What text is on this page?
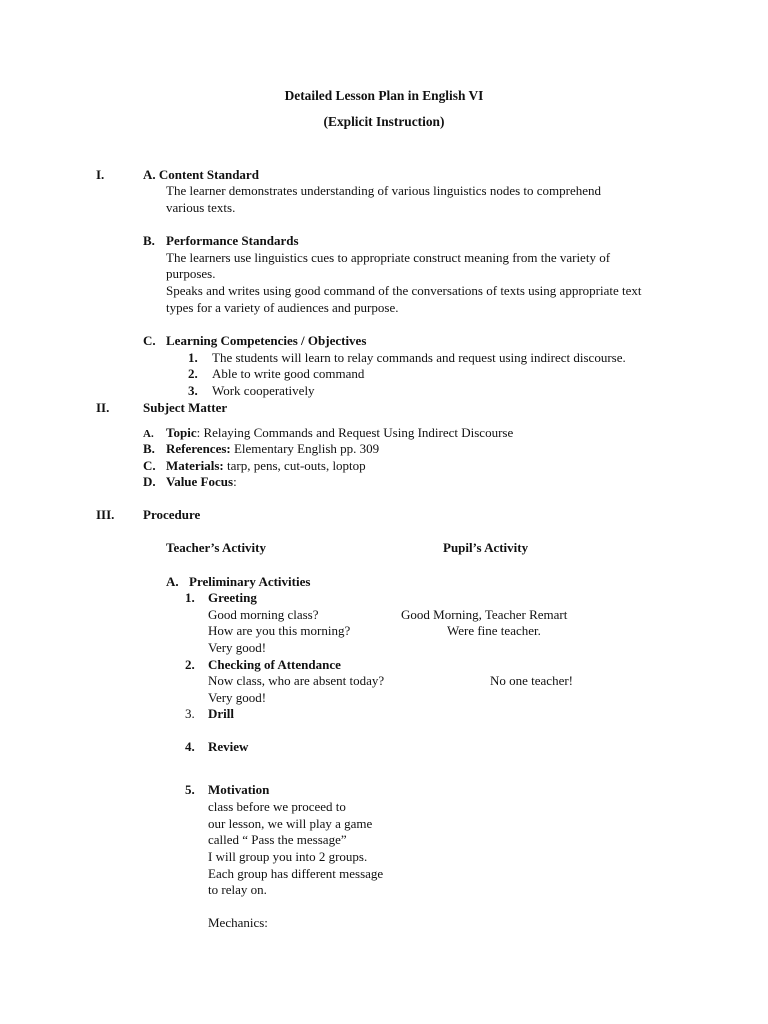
Detailed Lesson Plan in English VI
(Explicit Instruction)
I.	A. Content Standard
The learner demonstrates understanding of various linguistics nodes to comprehend
various texts.
B. Performance Standards
The learners use linguistics cues to appropriate construct meaning from the variety of
purposes.
Speaks and writes using good command of the conversations of texts using appropriate text
types for a variety of audiences and purpose.
C. Learning Competencies / Objectives
1. The students will learn to relay commands and request using indirect discourse.
2. Able to write good command
3. Work cooperatively
II.	Subject Matter
A. Topic: Relaying Commands and Request Using Indirect Discourse
B. References: Elementary English pp. 309
C. Materials: tarp, pens, cut-outs, loptop
D. Value Focus:
III. Procedure
Teacher’s Activity	Pupil’s Activity
A. Preliminary Activities
1. Greeting
Good morning class?	Good Morning, Teacher Remart
How are you this morning?	Were fine teacher.
Very good!
2. Checking of Attendance
Now class, who are absent today?	No one teacher!
Very good!
3. Drill
4. Review
5. Motivation
class before we proceed to
our lesson, we will play a game
called “ Pass the message”
I will group you into 2 groups.
Each group has different message
to relay on.
Mechanics:
